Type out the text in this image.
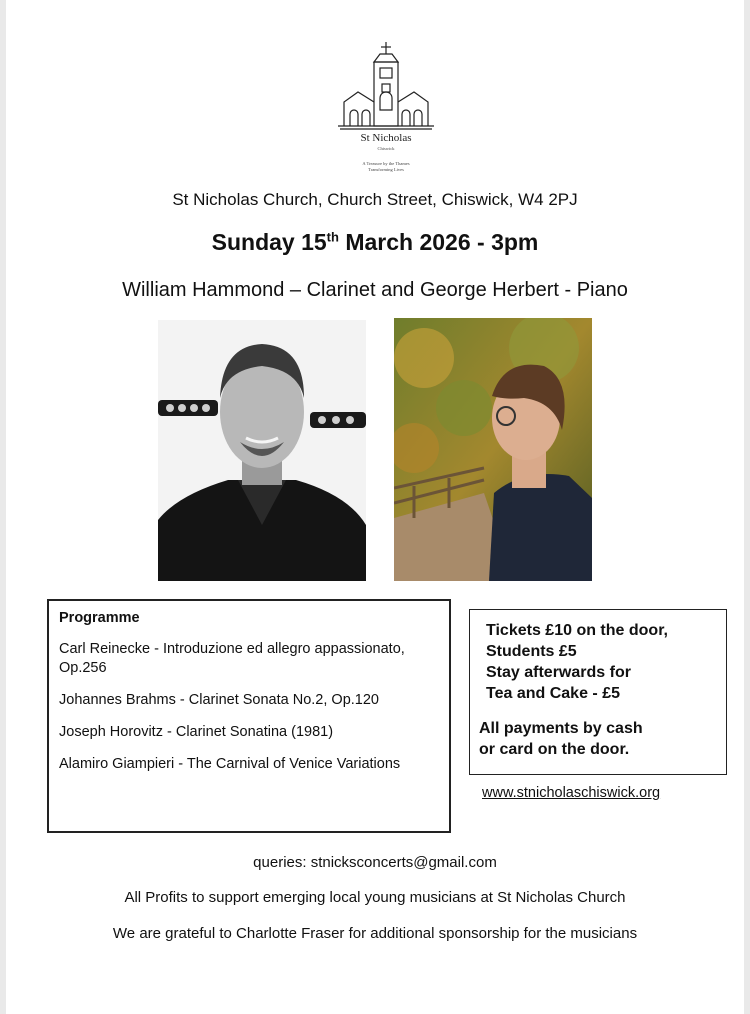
St Nicholas
Chiswick
A Treasure by the Thames
Transforming Lives
St Nicholas Church, Church Street, Chiswick, W4 2PJ
Sunday 15th March 2026 - 3pm
William Hammond – Clarinet and George Herbert - Piano
Programme
Carl Reinecke - Introduzione ed allegro appassionato, Op.256
Johannes Brahms - Clarinet Sonata No.2, Op.120
Joseph Horovitz - Clarinet Sonatina (1981)
Alamiro Giampieri - The Carnival of Venice Variations
Tickets £10 on the door,
Students £5
Stay afterwards for
Tea and Cake - £5
All payments by cash
or card on the door.
www.stnicholaschiswick.org
queries: stnicksconcerts@gmail.com
All Profits to support emerging local young musicians at St Nicholas Church
We are grateful to Charlotte Fraser for additional sponsorship for the musicians
